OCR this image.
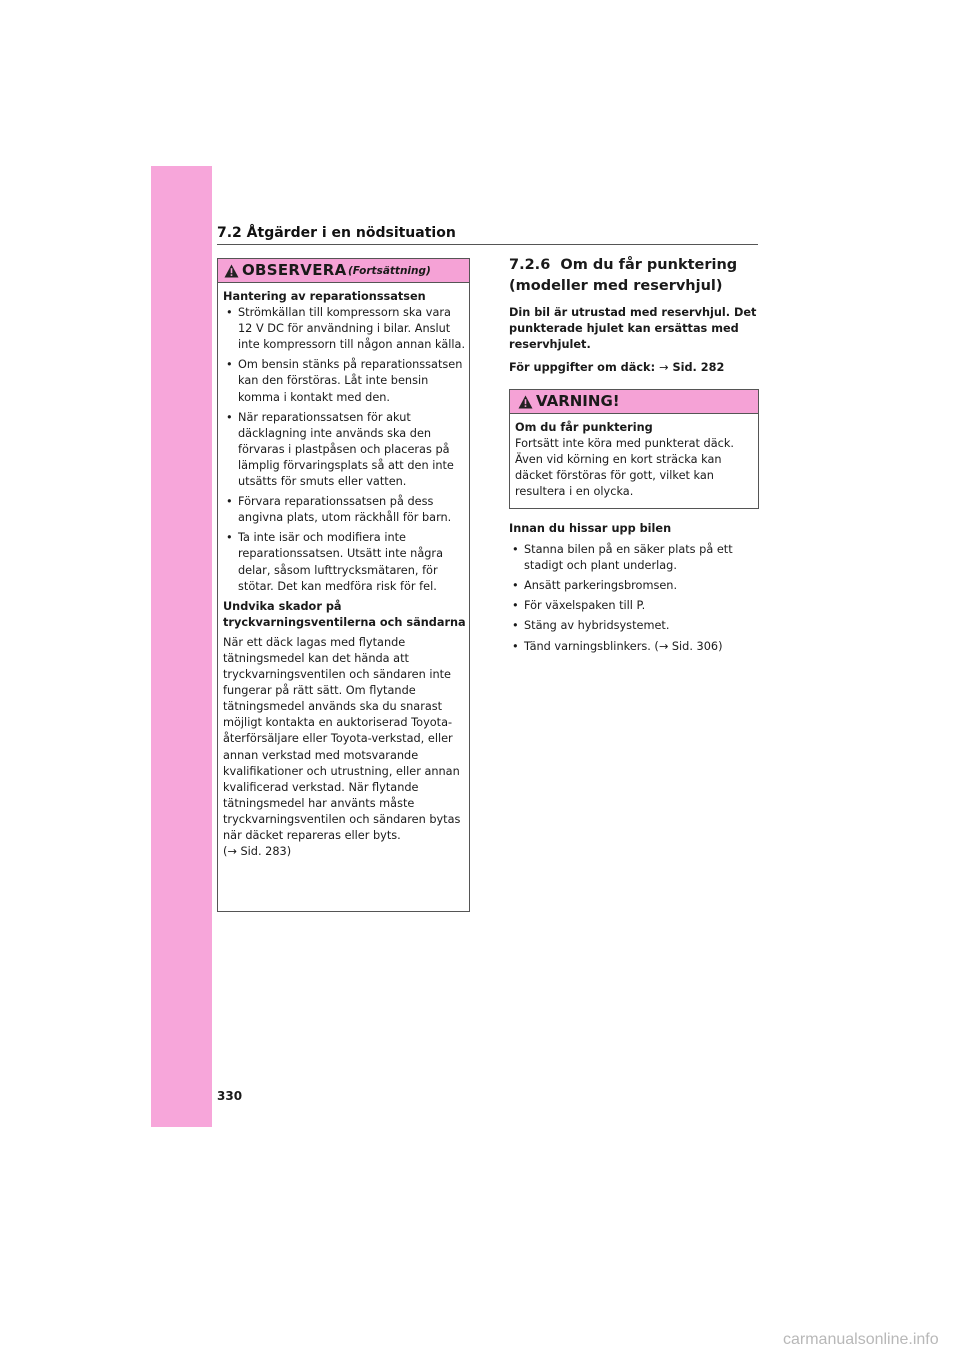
7.2 Åtgärder i en nödsituation
OBSERVERA (Fortsättning)

Hantering av reparationssatsen

• Strömkällan till kompressorn ska vara 12 V DC för användning i bilar. Anslut inte kompressorn till någon annan källa.
• Om bensin stänks på reparationssatsen kan den förstöras. Låt inte bensin komma i kontakt med den.
• När reparationssatsen för akut däcklagning inte används ska den förvaras i plastpåsen och placeras på lämplig förvaringsplats så att den inte utsätts för smuts eller vatten.
• Förvara reparationssatsen på dess angivna plats, utom räckhåll för barn.
• Ta inte isär och modifiera inte reparationssatsen. Utsätt inte några delar, såsom lufttrycksmätaren, för stötar. Det kan medföra risk för fel.

Undvika skador på tryckvarningsventilerna och sändarna

När ett däck lagas med flytande tätningsmedel kan det hända att tryckvarningsventilen och sändaren inte fungerar på rätt sätt. Om flytande tätningsmedel används ska du snarast möjligt kontakta en auktoriserad Toyota-återförsäljare eller Toyota-verkstad, eller annan verkstad med motsvarande kvalifikationer och utrustning, eller annan kvalificerad verkstad. När flytande tätningsmedel har använts måste tryckvarningsventilen och sändaren bytas när däcket repareras eller byts.
(→ Sid. 283)

7.2.6 Om du får punktering (modeller med reservhjul)
Din bil är utrustad med reservhjul. Det punkterade hjulet kan ersättas med reservhjulet.
För uppgifter om däck: → Sid. 282
VARNING!

Om du får punktering

Fortsätt inte köra med punkterat däck. Även vid körning en kort sträcka kan däcket förstöras för gott, vilket kan resultera i en olycka.

Innan du hissar upp bilen

• Stanna bilen på en säker plats på ett stadigt och plant underlag.
• Ansätt parkeringsbromsen.
• För växelspaken till P.
• Stäng av hybridsystemet.
• Tänd varningsblinkers. (→ Sid. 306)
330
carmanualsonline.info
